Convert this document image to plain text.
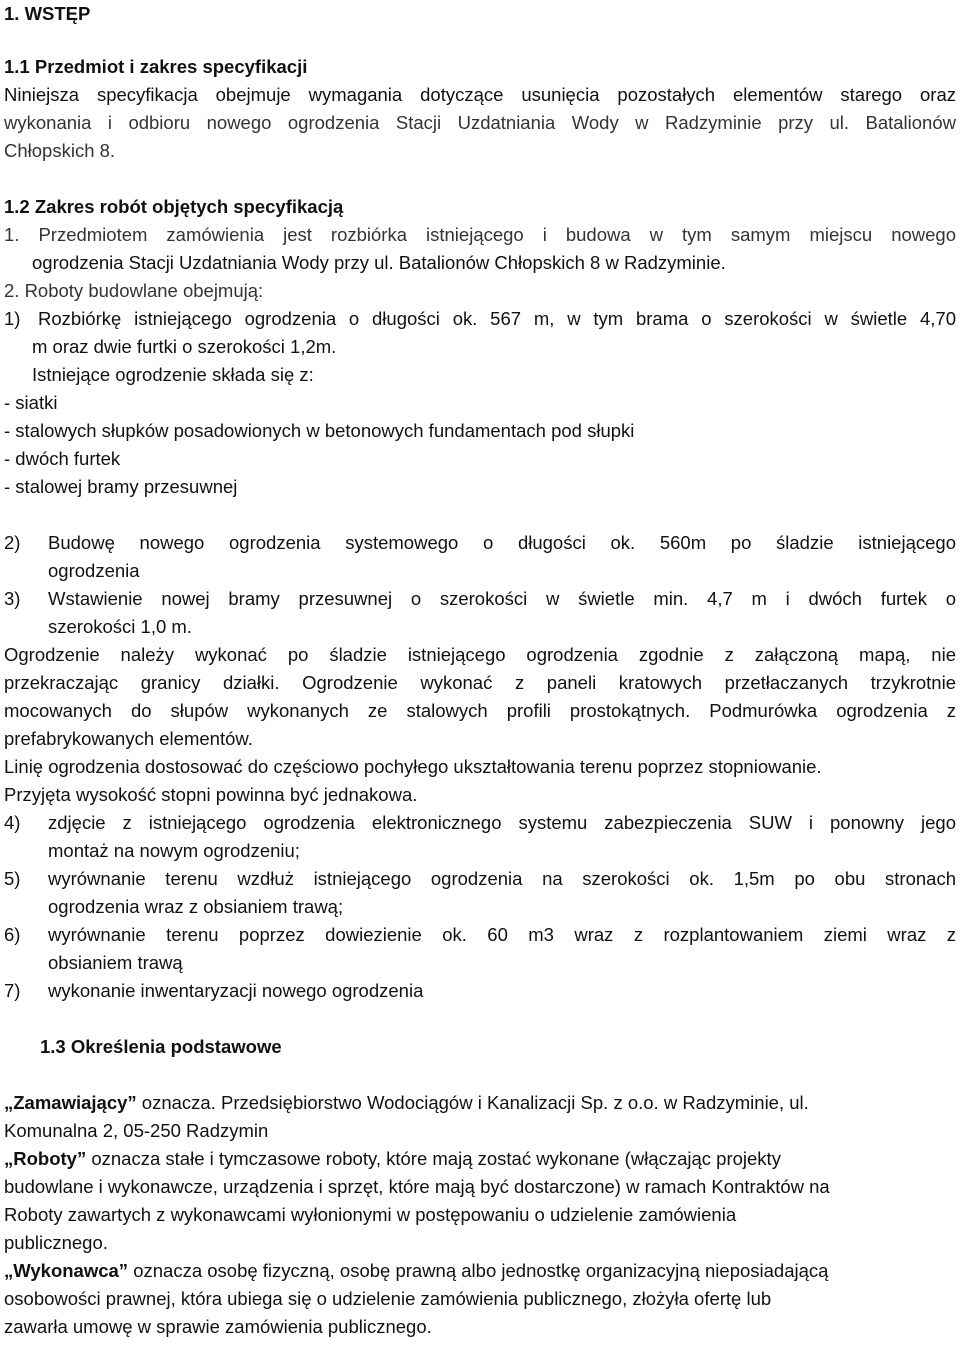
1. WSTĘP
1.1 Przedmiot i zakres specyfikacji
Niniejsza specyfikacja obejmuje wymagania dotyczące usunięcia pozostałych elementów starego oraz
wykonania i odbioru nowego ogrodzenia Stacji Uzdatniania Wody w Radzyminie przy ul. Batalionów
Chłopskich 8.
1.2 Zakres robót objętych specyfikacją
1. Przedmiotem zamówienia jest rozbiórka istniejącego i budowa w tym samym miejscu nowego
ogrodzenia Stacji Uzdatniania Wody przy ul. Batalionów Chłopskich 8 w Radzyminie.
2. Roboty budowlane obejmują:
1) Rozbiórkę istniejącego ogrodzenia o długości ok. 567 m, w tym brama o szerokości w świetle 4,70
m oraz dwie furtki o szerokości 1,2m.
Istniejące ogrodzenie składa się z:
- siatki
- stalowych słupków posadowionych w betonowych fundamentach pod słupki
- dwóch furtek
- stalowej bramy przesuwnej
2) Budowę nowego ogrodzenia systemowego o długości ok. 560m po śladzie istniejącego
ogrodzenia
3) Wstawienie nowej bramy przesuwnej o szerokości w świetle min. 4,7 m i dwóch furtek o
szerokości 1,0 m.
Ogrodzenie należy wykonać po śladzie istniejącego ogrodzenia zgodnie z załączoną mapą, nie
przekraczając granicy działki. Ogrodzenie wykonać z paneli kratowych przetłaczanych trzykrotnie
mocowanych do słupów wykonanych ze stalowych profili prostokątnych. Podmurówka ogrodzenia z
prefabrykowanych elementów.
Linię ogrodzenia dostosować do częściowo pochyłego ukształtowania terenu poprzez stopniowanie.
Przyjęta wysokość stopni powinna być jednakowa.
4) zdjęcie z istniejącego ogrodzenia elektronicznego systemu zabezpieczenia SUW i ponowny jego
montaż na nowym ogrodzeniu;
5) wyrównanie terenu wzdłuż istniejącego ogrodzenia na szerokości ok. 1,5m po obu stronach
ogrodzenia wraz z obsianiem trawą;
6) wyrównanie terenu poprzez dowiezienie ok. 60 m3 wraz z rozplantowaniem ziemi wraz z
obsianiem trawą
7) wykonanie inwentaryzacji nowego ogrodzenia
1.3 Określenia podstawowe
„Zamawiający” oznacza. Przedsiębiorstwo Wodociągów i Kanalizacji Sp. z o.o. w Radzyminie, ul.
Komunalna 2, 05-250 Radzymin
„Roboty” oznacza stałe i tymczasowe roboty, które mają zostać wykonane (włączając projekty
budowlane i wykonawcze, urządzenia i sprzęt, które mają być dostarczone) w ramach Kontraktów na
Roboty zawartych z wykonawcami wyłonionymi w postępowaniu o udzielenie zamówienia
publicznego.
„Wykonawca” oznacza osobę fizyczną, osobę prawną albo jednostkę organizacyjną nieposiadającą
osobowości prawnej, która ubiega się o udzielenie zamówienia publicznego, złożyła ofertę lub
zawarła umowę w sprawie zamówienia publicznego.
